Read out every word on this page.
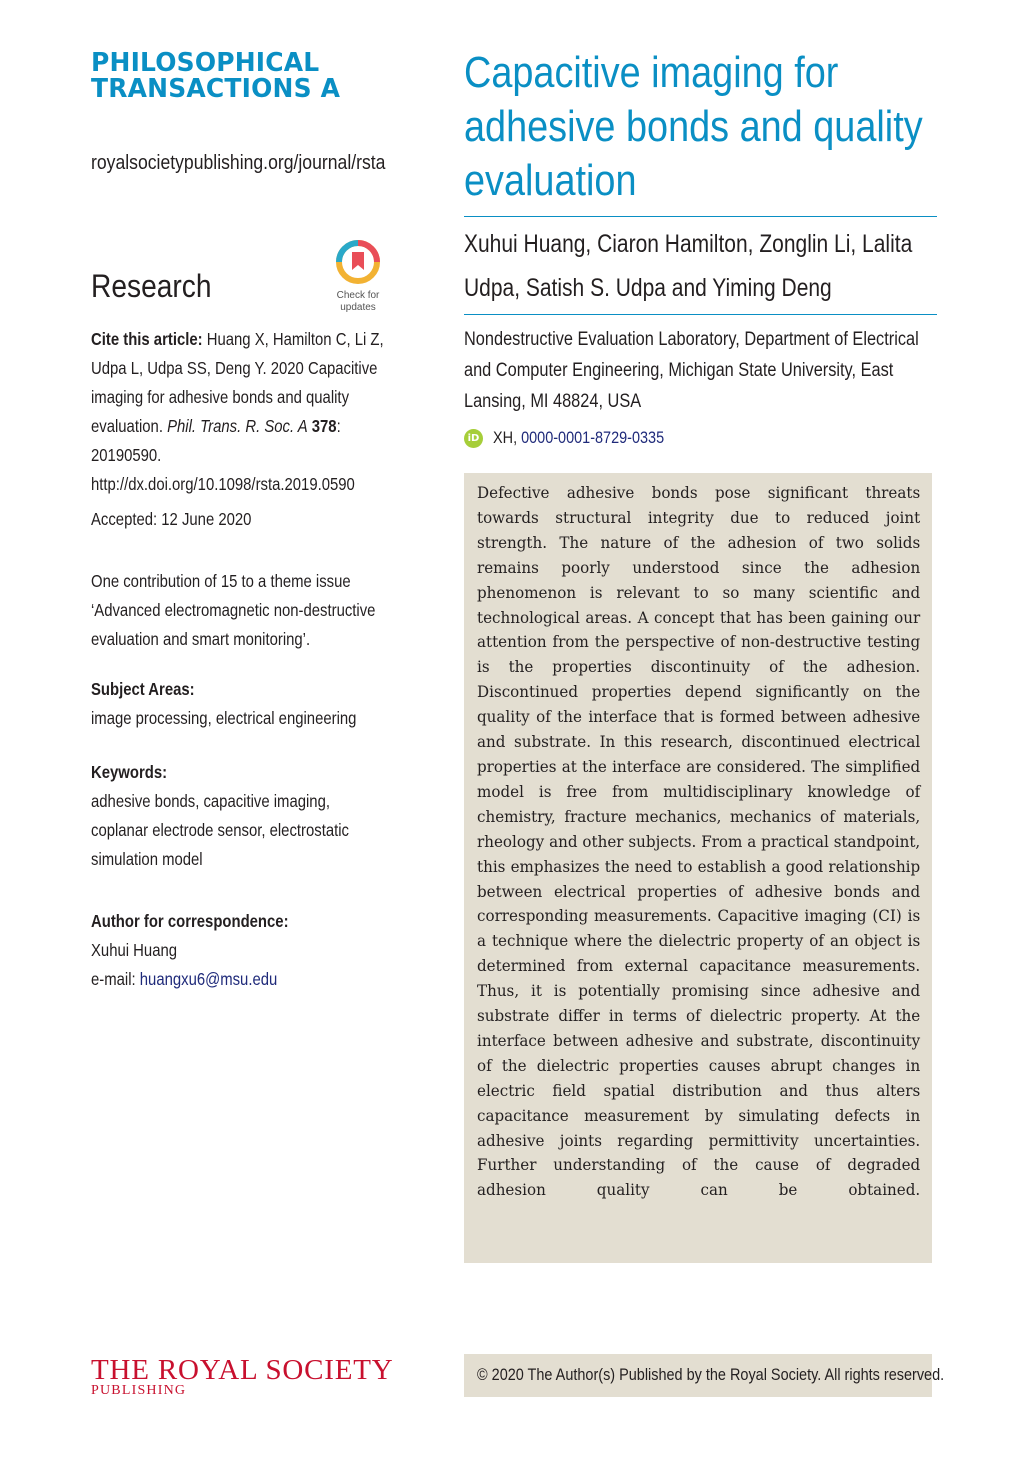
PHILOSOPHICAL
TRANSACTIONS A
royalsocietypublishing.org/journal/rsta
Research	Check for
updates
Cite this article: Huang X, Hamilton C, Li Z, Udpa L, Udpa SS, Deng Y. 2020 Capacitive imaging for adhesive bonds and quality evaluation. Phil. Trans. R. Soc. A 378: 20190590. http://dx.doi.org/10.1098/rsta.2019.0590
Accepted: 12 June 2020
One contribution of 15 to a theme issue ‘Advanced electromagnetic non-destructive evaluation and smart monitoring’.
Subject Areas:
image processing, electrical engineering
Keywords:
adhesive bonds, capacitive imaging, coplanar electrode sensor, electrostatic simulation model
Author for correspondence:
Xuhui Huang
e-mail: huangxu6@msu.edu
Capacitive imaging for adhesive bonds and quality evaluation
Xuhui Huang, Ciaron Hamilton, Zonglin Li, Lalita Udpa, Satish S. Udpa and Yiming Deng
Nondestructive Evaluation Laboratory, Department of Electrical and Computer Engineering, Michigan State University, East Lansing, MI 48824, USA
iD XH, 0000-0001-8729-0335
Defective adhesive bonds pose significant threats towards structural integrity due to reduced joint strength. The nature of the adhesion of two solids remains poorly understood since the adhesion phenomenon is relevant to so many scientific and technological areas. A concept that has been gaining our attention from the perspective of non-destructive testing is the properties discontinuity of the adhesion. Discontinued properties depend significantly on the quality of the interface that is formed between adhesive and substrate. In this research, discontinued electrical properties at the interface are considered. The simplified model is free from multidisciplinary knowledge of chemistry, fracture mechanics, mechanics of materials, rheology and other subjects. From a practical standpoint, this emphasizes the need to establish a good relationship between electrical properties of adhesive bonds and corresponding measurements. Capacitive imaging (CI) is a technique where the dielectric property of an object is determined from external capacitance measurements. Thus, it is potentially promising since adhesive and substrate differ in terms of dielectric property. At the interface between adhesive and substrate, discontinuity of the dielectric properties causes abrupt changes in electric field spatial distribution and thus alters capacitance measurement by simulating defects in adhesive joints regarding permittivity uncertainties. Further understanding of the cause of degraded adhesion quality can be obtained.
THE ROYAL SOCIETY
PUBLISHING
© 2020 The Author(s) Published by the Royal Society. All rights reserved.
